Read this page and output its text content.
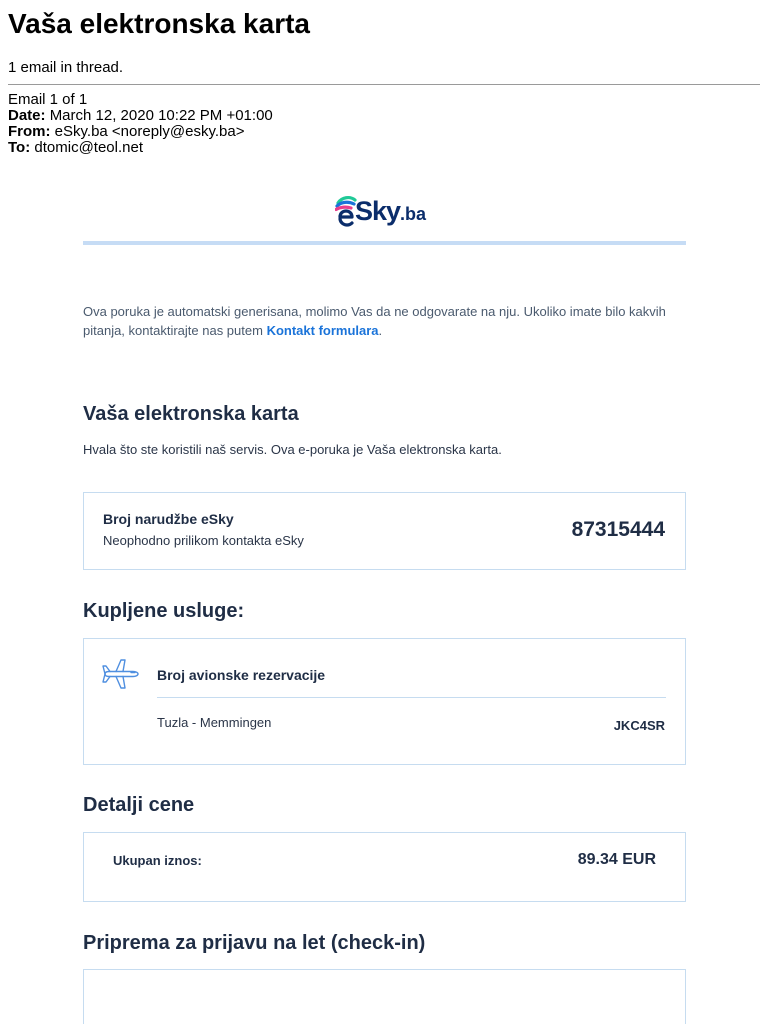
Vaša elektronska karta
1 email in thread.
Email 1 of 1
Date: March 12, 2020 10:22 PM +01:00
From: eSky.ba <noreply@esky.ba>
To: dtomic@teol.net
Sky .ba
Ova poruka je automatski generisana, molimo Vas da ne odgovarate na nju. Ukoliko imate bilo kakvih pitanja, kontaktirajte nas putem Kontakt formulara.
Vaša elektronska karta
Hvala što ste koristili naš servis. Ova e-poruka je Vaša elektronska karta.
Broj narudžbe eSky
Neophodno prilikom kontakta eSky	87315444
Kupljene usluge:
Broj avionske rezervacije
Tuzla - Memmingen	JKC4SR
Detalji cene
Ukupan iznos:	89.34 EUR
Priprema za prijavu na let (check-in)
